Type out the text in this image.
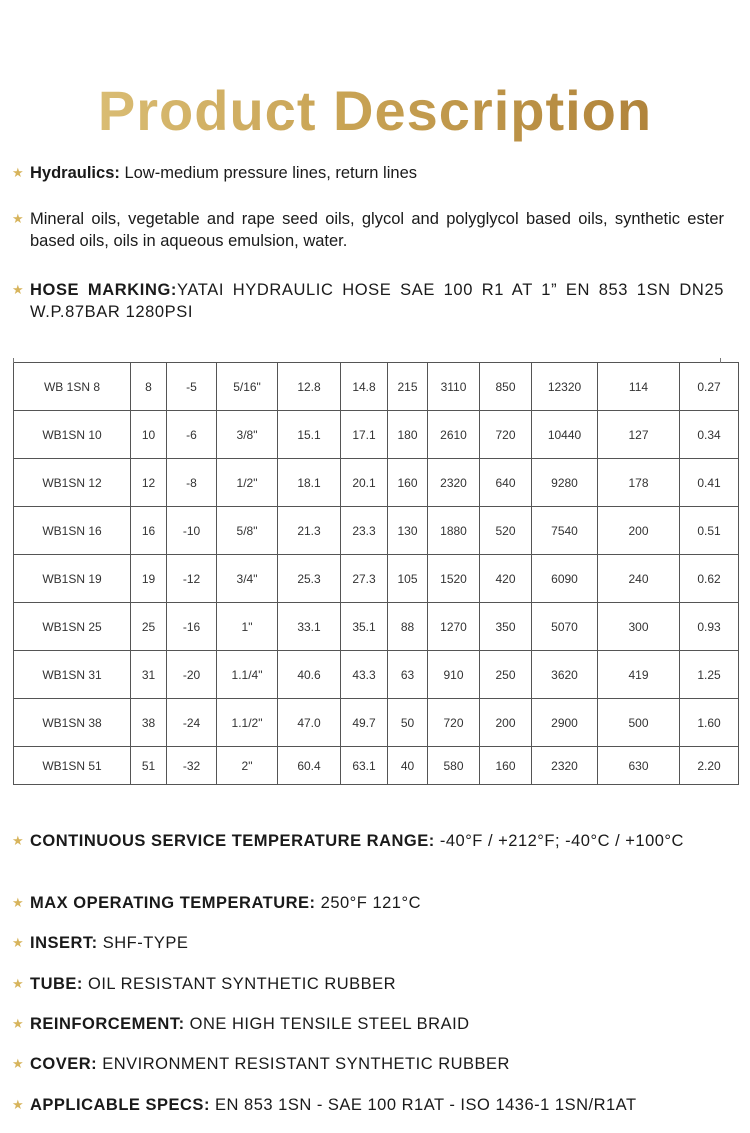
Product Description
★ Hydraulics: Low-medium pressure lines, return lines
★ Mineral oils, vegetable and rape seed oils, glycol and polyglycol based oils, synthetic ester based oils, oils in aqueous emulsion, water.
★ HOSE MARKING:YATAI HYDRAULIC HOSE SAE 100 R1 AT 1” EN 853 1SN DN25 W.P.87BAR 1280PSI
WB 1SN 8	8	-5	5/16"	12.8	14.8	215	3110	850	12320	114	0.27
WB1SN 10	10	-6	3/8"	15.1	17.1	180	2610	720	10440	127	0.34
WB1SN 12	12	-8	1/2"	18.1	20.1	160	2320	640	9280	178	0.41
WB1SN 16	16	-10	5/8"	21.3	23.3	130	1880	520	7540	200	0.51
WB1SN 19	19	-12	3/4"	25.3	27.3	105	1520	420	6090	240	0.62
WB1SN 25	25	-16	1"	33.1	35.1	88	1270	350	5070	300	0.93
WB1SN 31	31	-20	1.1/4"	40.6	43.3	63	910	250	3620	419	1.25
WB1SN 38	38	-24	1.1/2"	47.0	49.7	50	720	200	2900	500	1.60
WB1SN 51	51	-32	2"	60.4	63.1	40	580	160	2320	630	2.20
★ CONTINUOUS SERVICE TEMPERATURE RANGE: -40°F / +212°F; -40°C / +100°C
★ MAX OPERATING TEMPERATURE: 250°F 121°C
★ INSERT: SHF-TYPE
★ TUBE: OIL RESISTANT SYNTHETIC RUBBER
★ REINFORCEMENT: ONE HIGH TENSILE STEEL BRAID
★ COVER: ENVIRONMENT RESISTANT SYNTHETIC RUBBER
★ APPLICABLE SPECS: EN 853 1SN - SAE 100 R1AT - ISO 1436-1 1SN/R1AT
